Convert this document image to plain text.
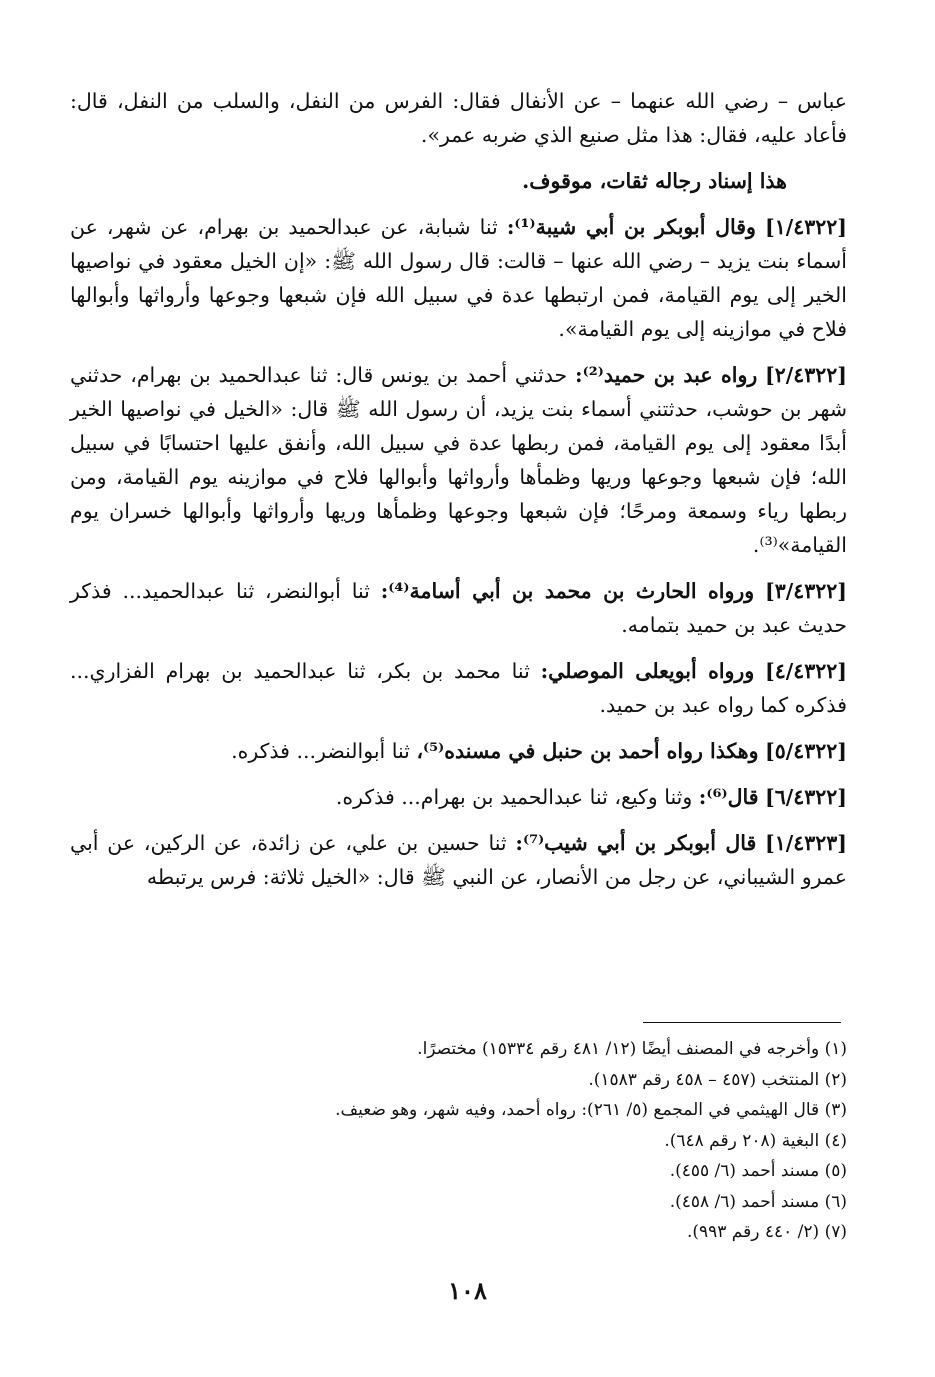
عباس – رضي الله عنهما – عن الأنفال فقال: الفرس من النفل، والسلب من النفل، قال: فأعاد عليه، فقال: هذا مثل صنيع الذي ضربه عمر».

هذا إسناد رجاله ثقات، موقوف.

[١/٤٣٢٢] وقال أبوبكر بن أبي شيبة⁽¹⁾: ثنا شبابة، عن عبدالحميد بن بهرام، عن شهر، عن أسماء بنت يزيد – رضي الله عنها – قالت: قال رسول الله ﷺ: «إن الخيل معقود في نواصيها الخير إلى يوم القيامة، فمن ارتبطها عدة في سبيل الله فإن شبعها وجوعها وأرواثها وأبوالها فلاح في موازينه إلى يوم القيامة».

[٢/٤٣٢٢] رواه عبد بن حميد⁽²⁾: حدثني أحمد بن يونس قال: ثنا عبدالحميد بن بهرام، حدثني شهر بن حوشب، حدثتني أسماء بنت يزيد، أن رسول الله ﷺ قال: «الخيل في نواصيها الخير أبدًا معقود إلى يوم القيامة، فمن ربطها عدة في سبيل الله، وأنفق عليها احتسابًا في سبيل الله؛ فإن شبعها وجوعها وريها وظمأها وأرواثها وأبوالها فلاح في موازينه يوم القيامة، ومن ربطها رياء وسمعة ومرحًا؛ فإن شبعها وجوعها وظمأها وريها وأرواثها وأبوالها خسران يوم القيامة»⁽³⁾.

[٣/٤٣٢٢] ورواه الحارث بن محمد بن أبي أسامة⁽⁴⁾: ثنا أبوالنضر، ثنا عبدالحميد... فذكر حديث عبد بن حميد بتمامه.

[٤/٤٣٢٢] ورواه أبويعلى الموصلي: ثنا محمد بن بكر، ثنا عبدالحميد بن بهرام الفزاري... فذكره كما رواه عبد بن حميد.

[٥/٤٣٢٢] وهكذا رواه أحمد بن حنبل في مسنده⁽⁵⁾، ثنا أبوالنضر... فذكره.

[٦/٤٣٢٢] قال⁽⁶⁾: وثنا وكيع، ثنا عبدالحميد بن بهرام... فذكره.

[١/٤٣٢٣] قال أبوبكر بن أبي شيب⁽⁷⁾: ثنا حسين بن علي، عن زائدة، عن الركين، عن أبي عمرو الشيباني، عن رجل من الأنصار، عن النبي ﷺ قال: «الخيل ثلاثة: فرس يرتبطه

(١) وأخرجه في المصنف أيضًا (١٢/ ٤٨١ رقم ١٥٣٣٤) مختصرًا.

(٢) المنتخب (٤٥٧ – ٤٥٨ رقم ١٥٨٣).

(٣) قال الهيثمي في المجمع (٥/ ٢٦١): رواه أحمد، وفيه شهر، وهو ضعيف.

(٤) البغية (٢٠٨ رقم ٦٤٨).

(٥) مسند أحمد (٦/ ٤٥٥).

(٦) مسند أحمد (٦/ ٤٥٨).

(٧) (٢/ ٤٤٠ رقم ٩٩٣).

١٠٨
